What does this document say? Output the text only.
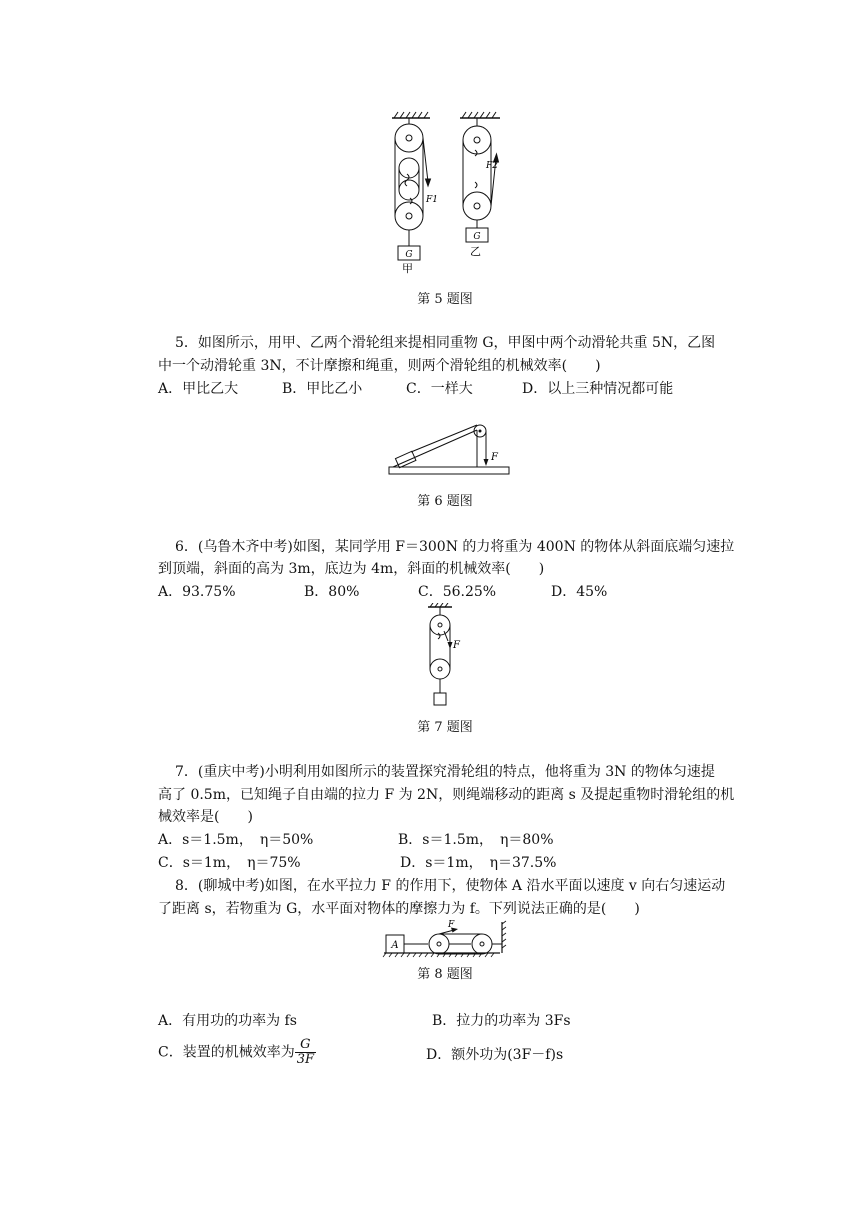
G
F1
甲
G
F2
乙
第 5 题图
5．如图所示，用甲、乙两个滑轮组来提相同重物 G，甲图中两个动滑轮共重 5N，乙图
中一个动滑轮重 3N，不计摩擦和绳重，则两个滑轮组的机械效率(　　)
A．甲比乙大	B．甲比乙小	C．一样大	D．以上三种情况都可能
F
第 6 题图
6．(乌鲁木齐中考)如图，某同学用 F＝300N 的力将重为 400N 的物体从斜面底端匀速拉
到顶端，斜面的高为 3m，底边为 4m，斜面的机械效率(　　)
A．93.75%	B．80%	C．56.25%	D．45%
F
第 7 题图
7．(重庆中考)小明利用如图所示的装置探究滑轮组的特点，他将重为 3N 的物体匀速提
高了 0.5m，已知绳子自由端的拉力 F 为 2N，则绳端移动的距离 s 及提起重物时滑轮组的机
械效率是(　　)
A．s＝1.5m，　η＝50%	B．s＝1.5m，　η＝80%
C．s＝1m，　η＝75%	D．s＝1m，　η＝37.5%
8．(聊城中考)如图，在水平拉力 F 的作用下，使物体 A 沿水平面以速度 v 向右匀速运动
了距离 s，若物重为 G，水平面对物体的摩擦力为 f。下列说法正确的是(　　)
A
F
第 8 题图
A．有用功的功率为 fs	B．拉力的功率为 3Fs
C．装置的机械效率为 $\frac{G}{3F}$	D．额外功为(3F－f)s
